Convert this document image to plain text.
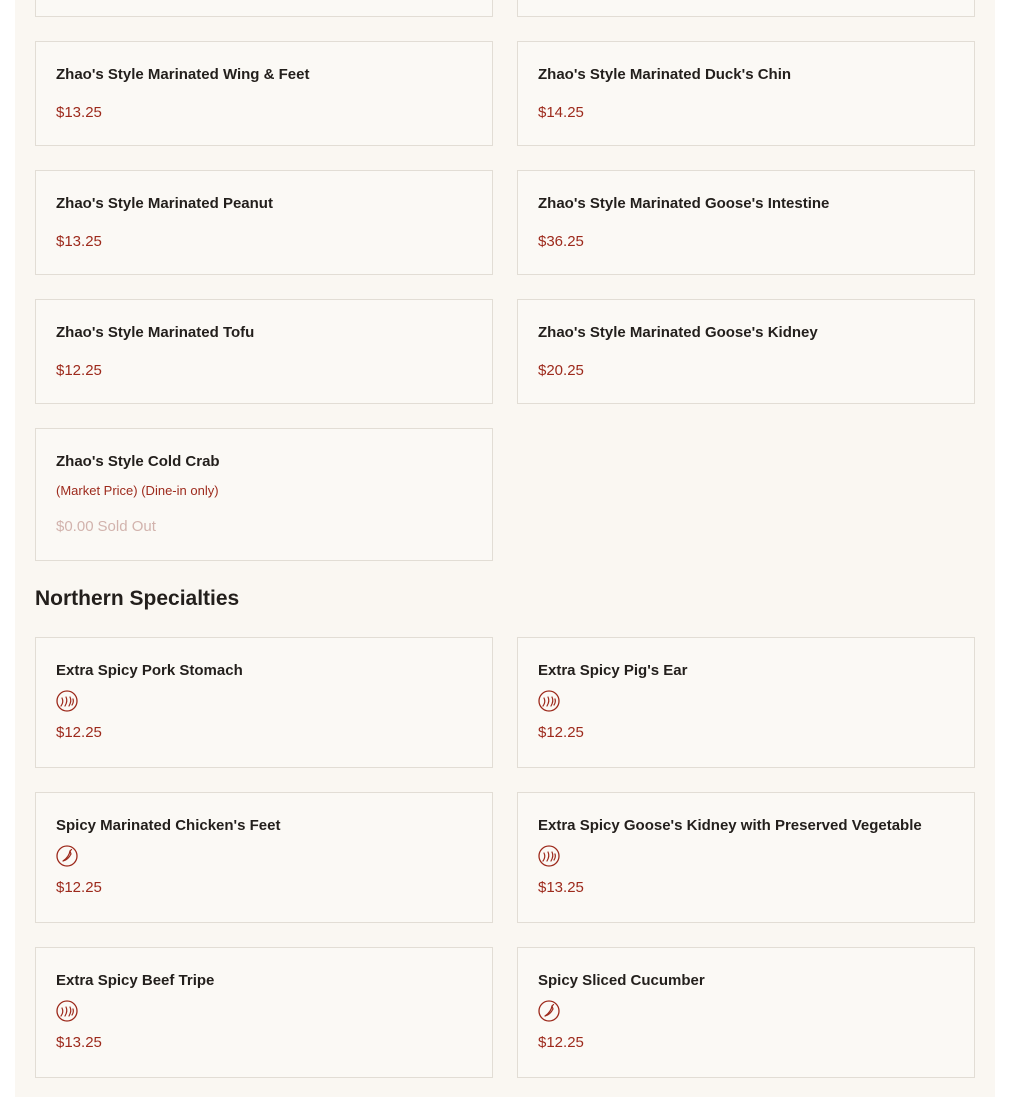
Zhao's Style Marinated Wing & Feet
$13.25
Zhao's Style Marinated Duck's Chin
$14.25
Zhao's Style Marinated Peanut
$13.25
Zhao's Style Marinated Goose's Intestine
$36.25
Zhao's Style Marinated Tofu
$12.25
Zhao's Style Marinated Goose's Kidney
$20.25
Zhao's Style Cold Crab
(Market Price) (Dine-in only)
$0.00 Sold Out
Northern Specialties
Extra Spicy Pork Stomach
$12.25
Extra Spicy Pig's Ear
$12.25
Spicy Marinated Chicken's Feet
$12.25
Extra Spicy Goose's Kidney with Preserved Vegetable
$13.25
Extra Spicy Beef Tripe
$13.25
Spicy Sliced Cucumber
$12.25
